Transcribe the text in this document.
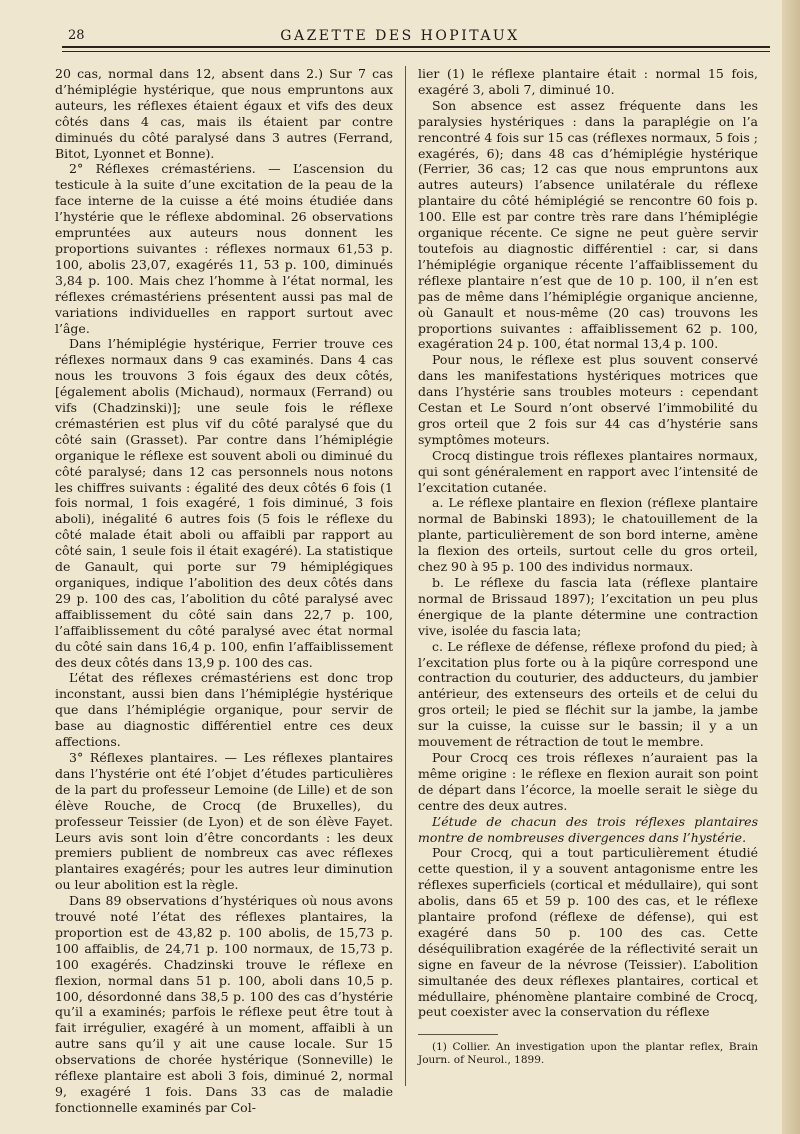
28	GAZETTE DES HOPITAUX

20 cas, normal dans 12, absent dans 2.) Sur 7 cas d’hémiplégie hystérique, que nous empruntons aux auteurs, les réflexes étaient égaux et vifs des deux côtés dans 4 cas, mais ils étaient par contre diminués du côté paralysé dans 3 autres (Ferrand, Bitot, Lyonnet et Bonne).

2° Réflexes crémastériens. — L’ascension du testicule à la suite d’une excitation de la peau de la face interne de la cuisse a été moins étudiée dans l’hystérie que le réflexe abdominal. 26 observations empruntées aux auteurs nous donnent les proportions suivantes : réflexes normaux 61,53 p. 100, abolis 23,07, exagérés 11, 53 p. 100, diminués 3,84 p. 100. Mais chez l’homme à l’état normal, les réflexes crémastériens présentent aussi pas mal de variations individuelles en rapport surtout avec l’âge.

Dans l’hémiplégie hystérique, Ferrier trouve ces réflexes normaux dans 9 cas examinés. Dans 4 cas nous les trouvons 3 fois égaux des deux côtés, [également abolis (Michaud), normaux (Ferrand) ou vifs (Chadzinski)]; une seule fois le réflexe crémastérien est plus vif du côté paralysé que du côté sain (Grasset). Par contre dans l’hémiplégie organique le réflexe est souvent aboli ou diminué du côté paralysé; dans 12 cas personnels nous notons les chiffres suivants : égalité des deux côtés 6 fois (1 fois normal, 1 fois exagéré, 1 fois diminué, 3 fois aboli), inégalité 6 autres fois (5 fois le réflexe du côté malade était aboli ou affaibli par rapport au côté sain, 1 seule fois il était exagéré). La statistique de Ganault, qui porte sur 79 hémiplégiques organiques, indique l’abolition des deux côtés dans 29 p. 100 des cas, l’abolition du côté paralysé avec affaiblissement du côté sain dans 22,7 p. 100, l’affaiblissement du côté paralysé avec état normal du côté sain dans 16,4 p. 100, enfin l’affaiblissement des deux côtés dans 13,9 p. 100 des cas.

L’état des réflexes crémastériens est donc trop inconstant, aussi bien dans l’hémiplégie hystérique que dans l’hémiplégie organique, pour servir de base au diagnostic différentiel entre ces deux affections.

3° Réflexes plantaires. — Les réflexes plantaires dans l’hystérie ont été l’objet d’études particulières de la part du professeur Lemoine (de Lille) et de son élève Rouche, de Crocq (de Bruxelles), du professeur Teissier (de Lyon) et de son élève Fayet. Leurs avis sont loin d’être concordants : les deux premiers publient de nombreux cas avec réflexes plantaires exagérés; pour les autres leur diminution ou leur abolition est la règle.

Dans 89 observations d’hystériques où nous avons trouvé noté l’état des réflexes plantaires, la proportion est de 43,82 p. 100 abolis, de 15,73 p. 100 affaiblis, de 24,71 p. 100 normaux, de 15,73 p. 100 exagérés. Chadzinski trouve le réflexe en flexion, normal dans 51 p. 100, aboli dans 10,5 p. 100, désordonné dans 38,5 p. 100 des cas d’hystérie qu’il a examinés; parfois le réflexe peut être tout à fait irrégulier, exagéré à un moment, affaibli à un autre sans qu’il y ait une cause locale. Sur 15 observations de chorée hystérique (Sonneville) le réflexe plantaire est aboli 3 fois, diminué 2, normal 9, exagéré 1 fois. Dans 33 cas de maladie fonctionnelle examinés par Col-

lier (1) le réflexe plantaire était : normal 15 fois, exagéré 3, aboli 7, diminué 10.

Son absence est assez fréquente dans les paralysies hystériques : dans la paraplégie on l’a rencontré 4 fois sur 15 cas (réflexes normaux, 5 fois ; exagérés, 6); dans 48 cas d’hémiplégie hystérique (Ferrier, 36 cas; 12 cas que nous empruntons aux autres auteurs) l’absence unilatérale du réflexe plantaire du côté hémiplégié se rencontre 60 fois p. 100. Elle est par contre très rare dans l’hémiplégie organique récente. Ce signe ne peut guère servir toutefois au diagnostic différentiel : car, si dans l’hémiplégie organique récente l’affaiblissement du réflexe plantaire n’est que de 10 p. 100, il n’en est pas de même dans l’hémiplégie organique ancienne, où Ganault et nous-même (20 cas) trouvons les proportions suivantes : affaiblissement 62 p. 100, exagération 24 p. 100, état normal 13,4 p. 100.

Pour nous, le réflexe est plus souvent conservé dans les manifestations hystériques motrices que dans l’hystérie sans troubles moteurs : cependant Cestan et Le Sourd n’ont observé l’immobilité du gros orteil que 2 fois sur 44 cas d’hystérie sans symptômes moteurs.

Crocq distingue trois réflexes plantaires normaux, qui sont généralement en rapport avec l’intensité de l’excitation cutanée.

a. Le réflexe plantaire en flexion (réflexe plantaire normal de Babinski 1893); le chatouillement de la plante, particulièrement de son bord interne, amène la flexion des orteils, surtout celle du gros orteil, chez 90 à 95 p. 100 des individus normaux.

b. Le réflexe du fascia lata (réflexe plantaire normal de Brissaud 1897); l’excitation un peu plus énergique de la plante détermine une contraction vive, isolée du fascia lata;

c. Le réflexe de défense, réflexe profond du pied; à l’excitation plus forte ou à la piqûre correspond une contraction du couturier, des adducteurs, du jambier antérieur, des extenseurs des orteils et de celui du gros orteil; le pied se fléchit sur la jambe, la jambe sur la cuisse, la cuisse sur le bassin; il y a un mouvement de rétraction de tout le membre.

Pour Crocq ces trois réflexes n’auraient pas la même origine : le réflexe en flexion aurait son point de départ dans l’écorce, la moelle serait le siège du centre des deux autres.

L’étude de chacun des trois réflexes plantaires montre de nombreuses divergences dans l’hystérie.

Pour Crocq, qui a tout particulièrement étudié cette question, il y a souvent antagonisme entre les réflexes superficiels (cortical et médullaire), qui sont abolis, dans 65 et 59 p. 100 des cas, et le réflexe plantaire profond (réflexe de défense), qui est exagéré dans 50 p. 100 des cas. Cette déséquilibration exagérée de la réflectivité serait un signe en faveur de la névrose (Teissier). L’abolition simultanée des deux réflexes plantaires, cortical et médullaire, phénomène plantaire combiné de Crocq, peut coexister avec la conservation du réflexe

(1) Collier. An investigation upon the plantar reflex, Brain Journ. of Neurol., 1899.
